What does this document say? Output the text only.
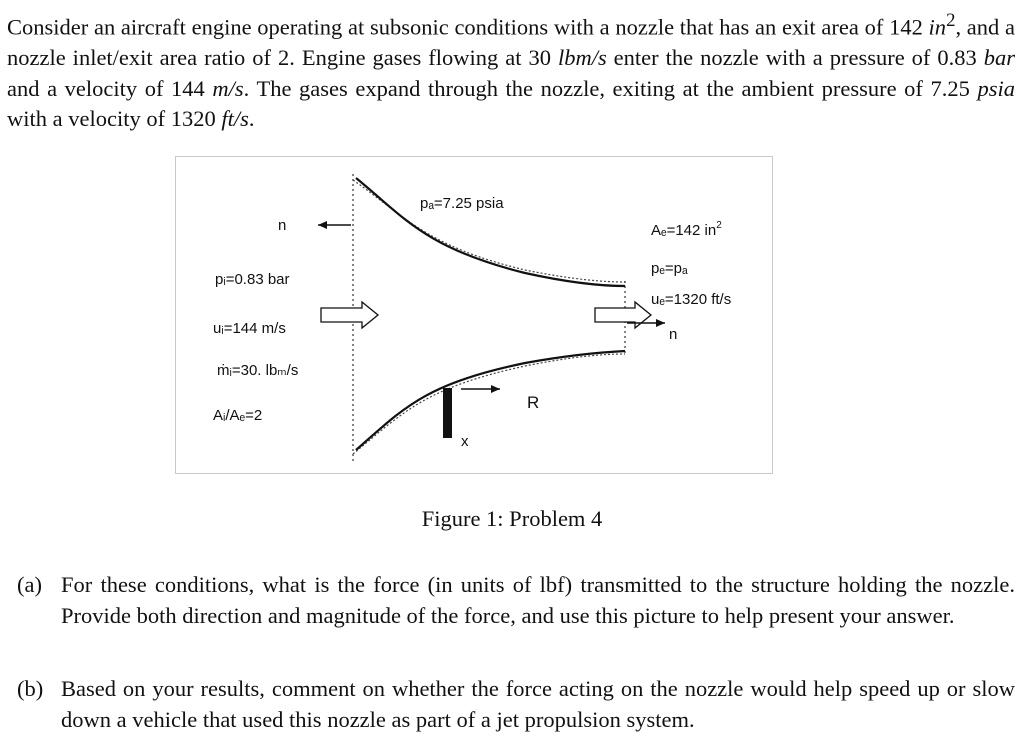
Consider an aircraft engine operating at subsonic conditions with a nozzle that has an exit area of 142 $in^2$, and a nozzle inlet/exit area ratio of 2. Engine gases flowing at 30 lbm/s enter the nozzle with a pressure of 0.83 bar and a velocity of 144 m/s. The gases expand through the nozzle, exiting at the ambient pressure of 7.25 psia with a velocity of 1320 ft/s.
pₐ=7.25 psia
n
pᵢ=0.83 bar
uᵢ=144 m/s
ṁᵢ=30. lbₘ/s
Aᵢ/Aₑ=2
Aₑ=142 $in^2$
pₑ=pₐ
uₑ=1320 ft/s
n
R
x
Figure 1: Problem 4
(a) For these conditions, what is the force (in units of lbf) transmitted to the structure holding the nozzle. Provide both direction and magnitude of the force, and use this picture to help present your answer.
(b) Based on your results, comment on whether the force acting on the nozzle would help speed up or slow down a vehicle that used this nozzle as part of a jet propulsion system.
